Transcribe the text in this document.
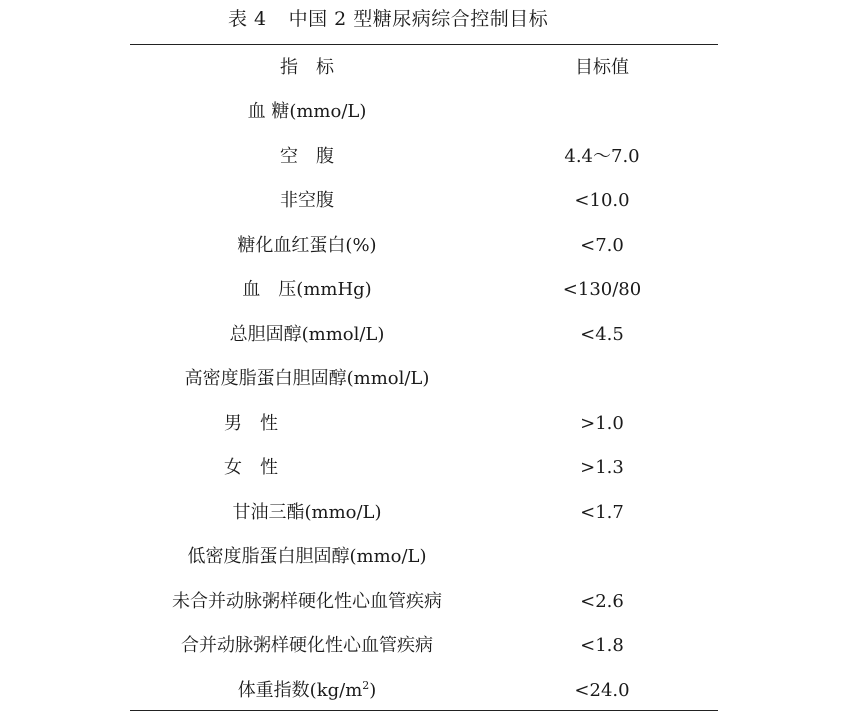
表 4 中国 2 型糖尿病综合控制目标
指　标	目标值
血 糖(mmo/L)
空　腹	4.4～7.0
非空腹	<10.0
糖化血红蛋白(%)	<7.0
血　压(mmHg)	<130/80
总胆固醇(mmol/L)	<4.5
高密度脂蛋白胆固醇(mmol/L)
男　性	>1.0
女　性	>1.3
甘油三酯(mmo/L)	<1.7
低密度脂蛋白胆固醇(mmo/L)
未合并动脉粥样硬化性心血管疾病	<2.6
合并动脉粥样硬化性心血管疾病	<1.8
体重指数$(kg/m^2)$	<24.0
